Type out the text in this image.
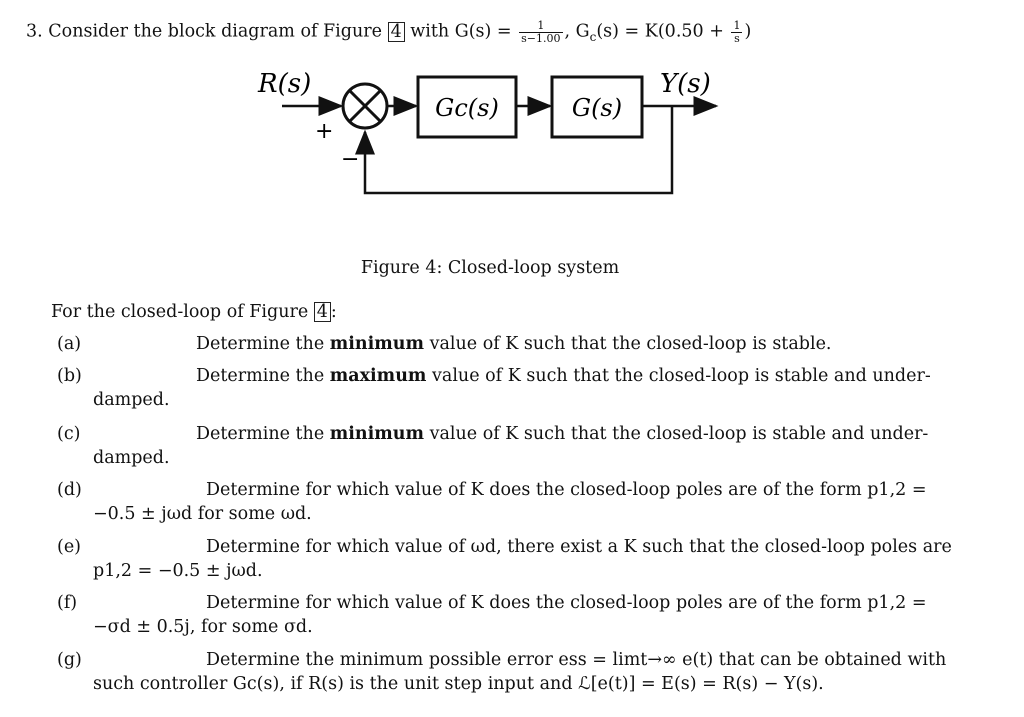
3. Consider the block diagram of Figure 4 with $G(s) = \frac{1}{s-1.00}$ , $G_c(s) = K(0.50 + \frac{1}{s}$ )
R(s)	Y(s)
+
−
Gc(s)	G(s)
Figure 4: Closed-loop system
For the closed-loop of Figure 4 :
(a)	Determine the minimum value of K such that the closed-loop is stable.
(b)	Determine the maximum value of K such that the closed-loop is stable and under-
damped.
(c)	Determine the minimum value of K such that the closed-loop is stable and under-
damped.
(d)	Determine for which value of K does the closed-loop poles are of the form p1,2 =
−0.5 ± jωd for some ωd.
(e)	Determine for which value of ωd, there exist a K such that the closed-loop poles are
p1,2 = −0.5 ± jωd.
(f)	Determine for which value of K does the closed-loop poles are of the form p1,2 =
−σd ± 0.5j, for some σd.
(g)	Determine the minimum possible error ess = limt→∞ e(t) that can be obtained with
such controller Gc(s), if R(s) is the unit step input and ℒ[e(t)] = E(s) = R(s) − Y(s).
